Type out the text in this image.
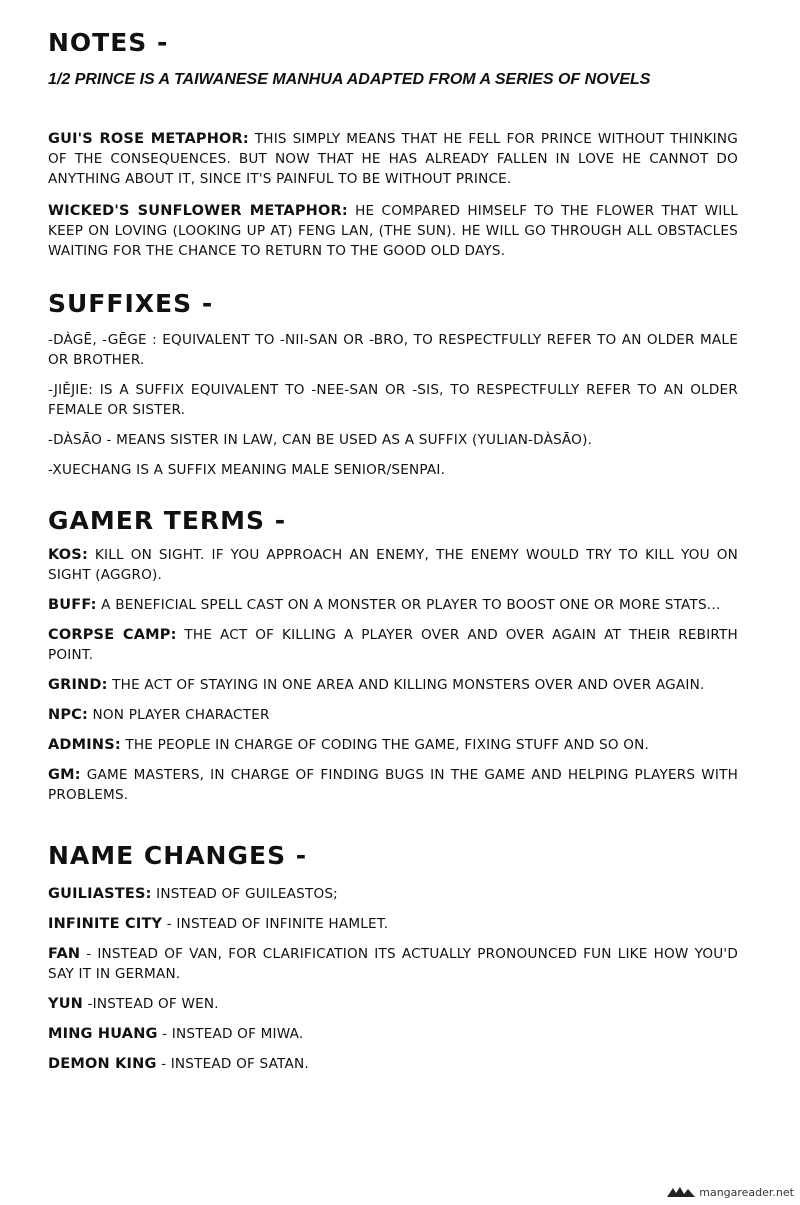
NOTES -

1/2 PRINCE IS A TAIWANESE MANHUA ADAPTED FROM A SERIES OF NOVELS

GUI'S ROSE METAPHOR: THIS SIMPLY MEANS THAT HE FELL FOR PRINCE WITHOUT THINKING OF THE CONSEQUENCES. BUT NOW THAT HE HAS ALREADY FALLEN IN LOVE HE CANNOT DO ANYTHING ABOUT IT, SINCE IT'S PAINFUL TO BE WITHOUT PRINCE.

WICKED'S SUNFLOWER METAPHOR: HE COMPARED HIMSELF TO THE FLOWER THAT WILL KEEP ON LOVING (LOOKING UP AT) FENG LAN, (THE SUN). HE WILL GO THROUGH ALL OBSTACLES WAITING FOR THE CHANCE TO RETURN TO THE GOOD OLD DAYS.

SUFFIXES -

-DÀGĒ, -GĒGE : EQUIVALENT TO -NII-SAN OR -BRO, TO RESPECTFULLY REFER TO AN OLDER MALE OR BROTHER.

-JIĚJIE: IS A SUFFIX EQUIVALENT TO -NEE-SAN OR -SIS, TO RESPECTFULLY REFER TO AN OLDER FEMALE OR SISTER.

-DÀSĀO - MEANS SISTER IN LAW, CAN BE USED AS A SUFFIX (YULIAN-DÀSĀO).

-XUECHANG IS A SUFFIX MEANING MALE SENIOR/SENPAI.

GAMER TERMS -

KOS: KILL ON SIGHT. IF YOU APPROACH AN ENEMY, THE ENEMY WOULD TRY TO KILL YOU ON SIGHT (AGGRO).

BUFF: A BENEFICIAL SPELL CAST ON A MONSTER OR PLAYER TO BOOST ONE OR MORE STATS...

CORPSE CAMP: THE ACT OF KILLING A PLAYER OVER AND OVER AGAIN AT THEIR REBIRTH POINT.

GRIND: THE ACT OF STAYING IN ONE AREA AND KILLING MONSTERS OVER AND OVER AGAIN.

NPC: NON PLAYER CHARACTER

ADMINS: THE PEOPLE IN CHARGE OF CODING THE GAME, FIXING STUFF AND SO ON.

GM: GAME MASTERS, IN CHARGE OF FINDING BUGS IN THE GAME AND HELPING PLAYERS WITH PROBLEMS.

NAME CHANGES -

GUILIASTES: INSTEAD OF GUILEASTOS;

INFINITE CITY - INSTEAD OF INFINITE HAMLET.

FAN - INSTEAD OF VAN, FOR CLARIFICATION ITS ACTUALLY PRONOUNCED FUN LIKE HOW YOU'D SAY IT IN GERMAN.

YUN -INSTEAD OF WEN.

MING HUANG - INSTEAD OF MIWA.

DEMON KING - INSTEAD OF SATAN.

mangareader.net
